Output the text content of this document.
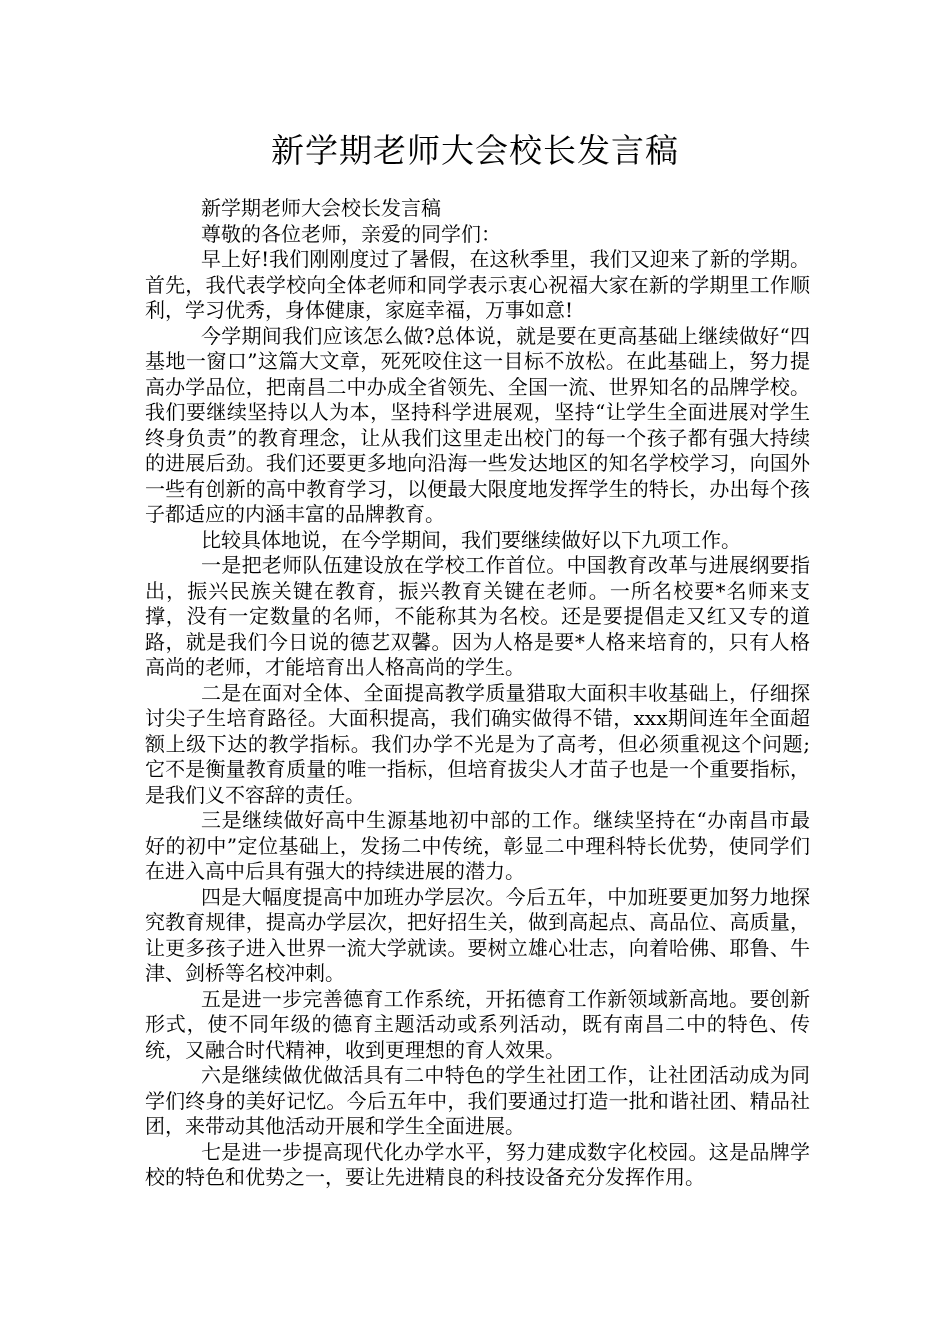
新学期老师大会校长发言稿

新学期老师大会校长发言稿

尊敬的各位老师，亲爱的同学们：

早上好!我们刚刚度过了暑假，在这秋季里，我们又迎来了新的学期。首先，我代表学校向全体老师和同学表示衷心祝福大家在新的学期里工作顺利，学习优秀，身体健康，家庭幸福，万事如意!

今学期间我们应该怎么做?总体说，就是要在更高基础上继续做好“四基地一窗口”这篇大文章，死死咬住这一目标不放松。在此基础上，努力提高办学品位，把南昌二中办成全省领先、全国一流、世界知名的品牌学校。我们要继续坚持以人为本，坚持科学进展观，坚持“让学生全面进展对学生终身负责”的教育理念，让从我们这里走出校门的每一个孩子都有强大持续的进展后劲。我们还要更多地向沿海一些发达地区的知名学校学习，向国外一些有创新的高中教育学习，以便最大限度地发挥学生的特长，办出每个孩子都适应的内涵丰富的品牌教育。

比较具体地说，在今学期间，我们要继续做好以下九项工作。

一是把老师队伍建设放在学校工作首位。中国教育改革与进展纲要指出，振兴民族关键在教育，振兴教育关键在老师。一所名校要*名师来支撑，没有一定数量的名师，不能称其为名校。还是要提倡走又红又专的道路，就是我们今日说的德艺双馨。因为人格是要*人格来培育的，只有人格高尚的老师，才能培育出人格高尚的学生。

二是在面对全体、全面提高教学质量猎取大面积丰收基础上，仔细探讨尖子生培育路径。大面积提高，我们确实做得不错，xxx期间连年全面超额上级下达的教学指标。我们办学不光是为了高考，但必须重视这个问题;它不是衡量教育质量的唯一指标，但培育拔尖人才苗子也是一个重要指标，是我们义不容辞的责任。

三是继续做好高中生源基地初中部的工作。继续坚持在“办南昌市最好的初中”定位基础上，发扬二中传统，彰显二中理科特长优势，使同学们在进入高中后具有强大的持续进展的潜力。

四是大幅度提高中加班办学层次。今后五年，中加班要更加努力地探究教育规律，提高办学层次，把好招生关，做到高起点、高品位、高质量，让更多孩子进入世界一流大学就读。要树立雄心壮志，向着哈佛、耶鲁、牛津、剑桥等名校冲刺。

五是进一步完善德育工作系统，开拓德育工作新领域新高地。要创新形式，使不同年级的德育主题活动或系列活动，既有南昌二中的特色、传统，又融合时代精神，收到更理想的育人效果。

六是继续做优做活具有二中特色的学生社团工作，让社团活动成为同学们终身的美好记忆。今后五年中，我们要通过打造一批和谐社团、精品社团，来带动其他活动开展和学生全面进展。

七是进一步提高现代化办学水平，努力建成数字化校园。这是品牌学校的特色和优势之一，要让先进精良的科技设备充分发挥作用。
